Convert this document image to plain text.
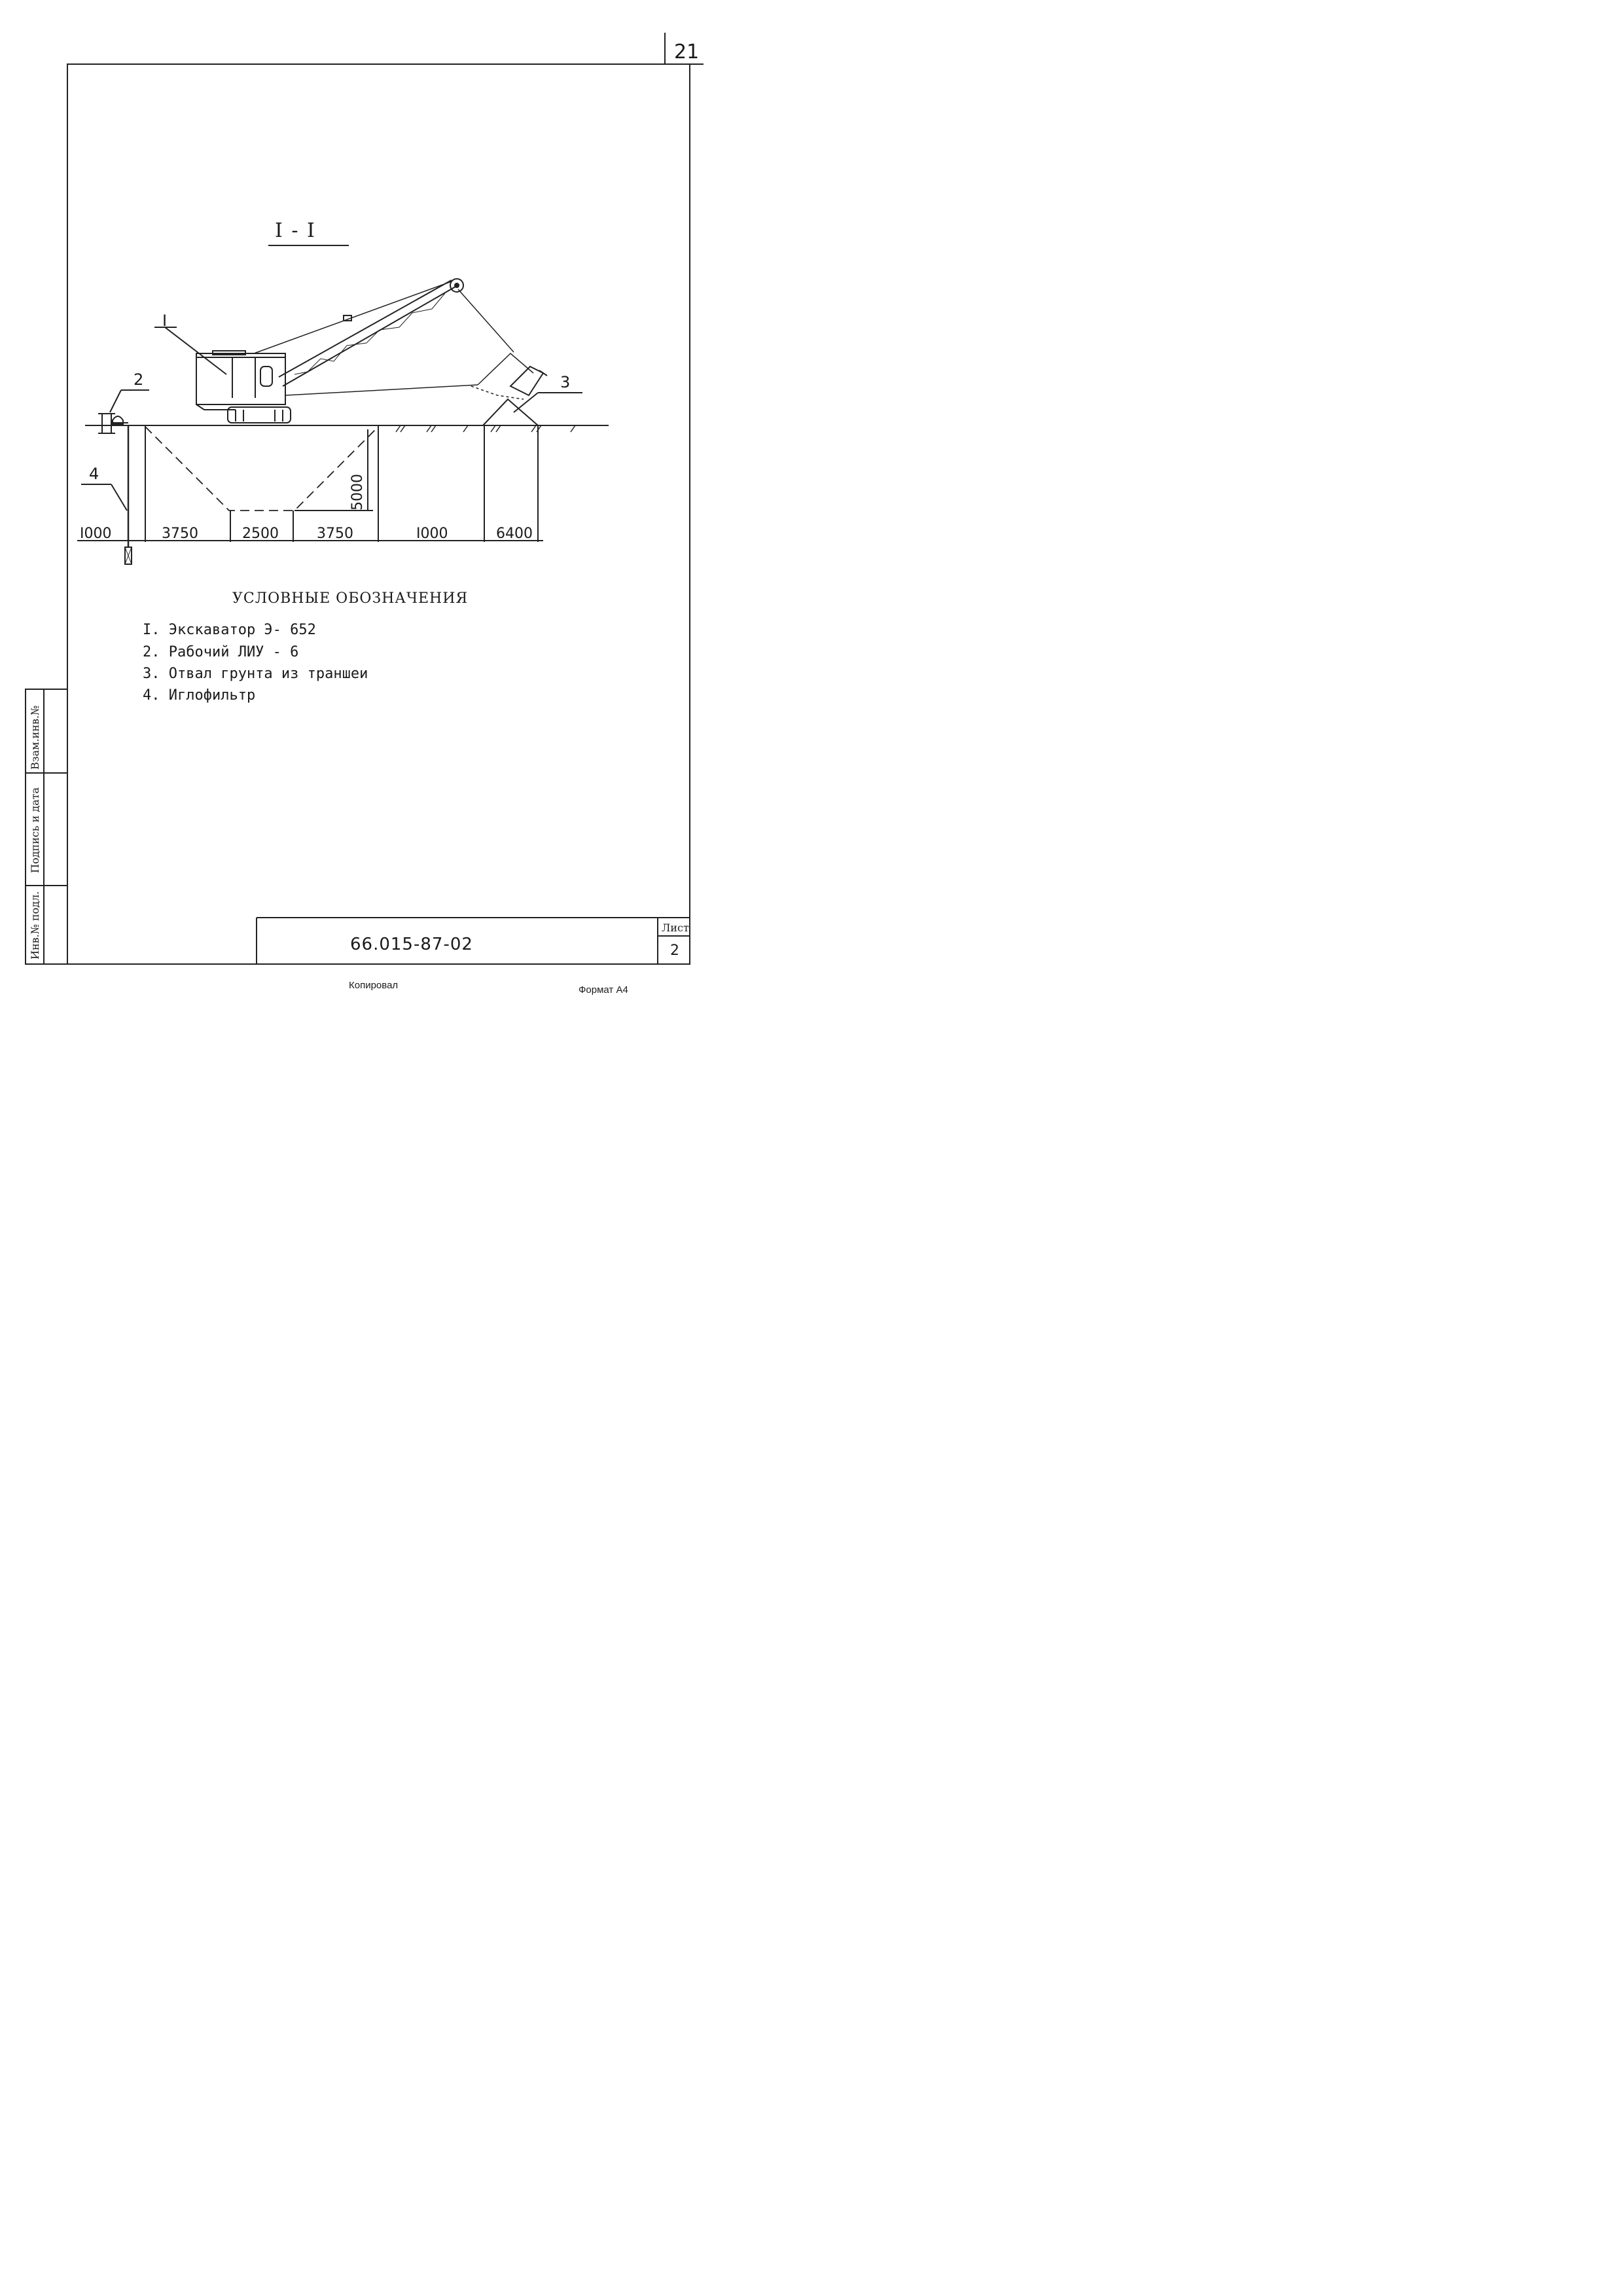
21
Взам.инв.№
Подпись и дата
Инв.№ подл.
I - I
I
2	3
4	5000
I000	3750	2500	3750	I000	6400
УСЛОВНЫЕ ОБОЗНАЧЕНИЯ
I. Экскаватор Э- 652
2. Рабочий ЛИУ - 6
3. Отвал грунта из траншеи
4. Иглофильтр
66.015-87-02
Лист
2
Копировал	Формат А4
